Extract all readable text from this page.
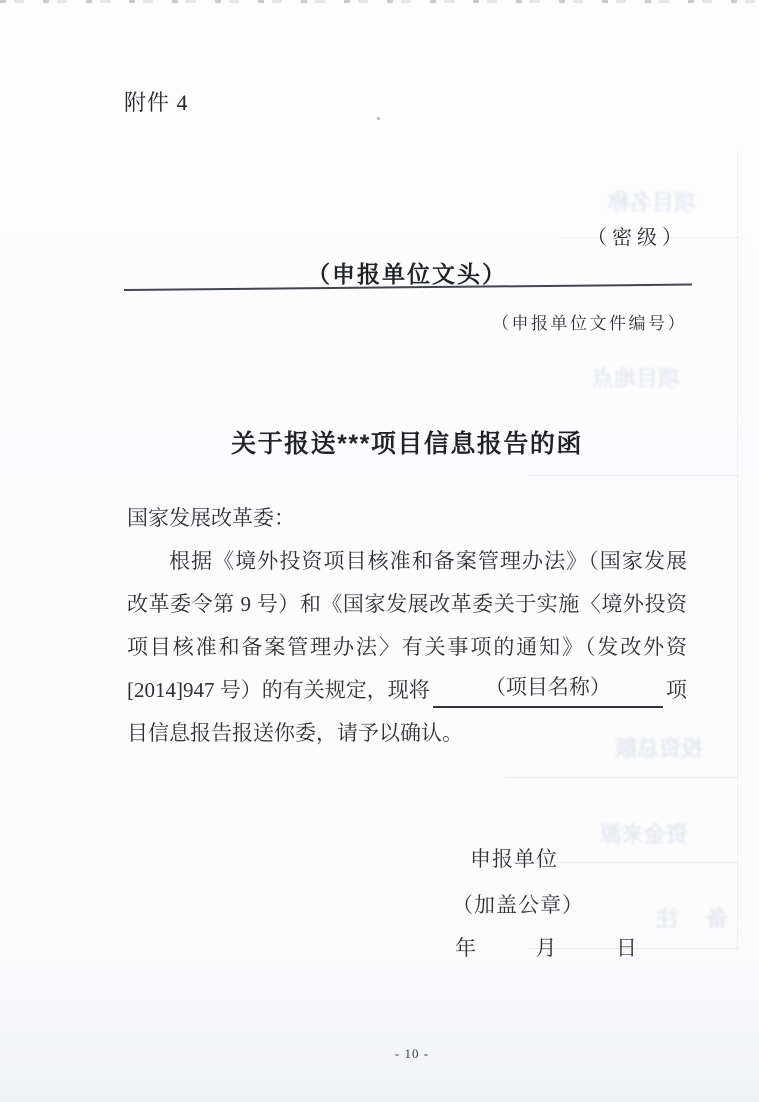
项目名称
项目地点
投资总额
资金来源
备注
附件 4
（密级）
（申报单位文头）
（申报单位文件编号）
关于报送***项目信息报告的函
国家发展改革委：
根据《境外投资项目核准和备案管理办法》（国家发展
改革委令第 9 号）和《国家发展改革委关于实施〈境外投资
项目核准和备案管理办法〉有关事项的通知》（发改外资
[2014]947 号）的有关规定，现将	（项目名称）	项
目信息报告报送你委，请予以确认。
申报单位
（加盖公章）
年	月	日
- 10 -
